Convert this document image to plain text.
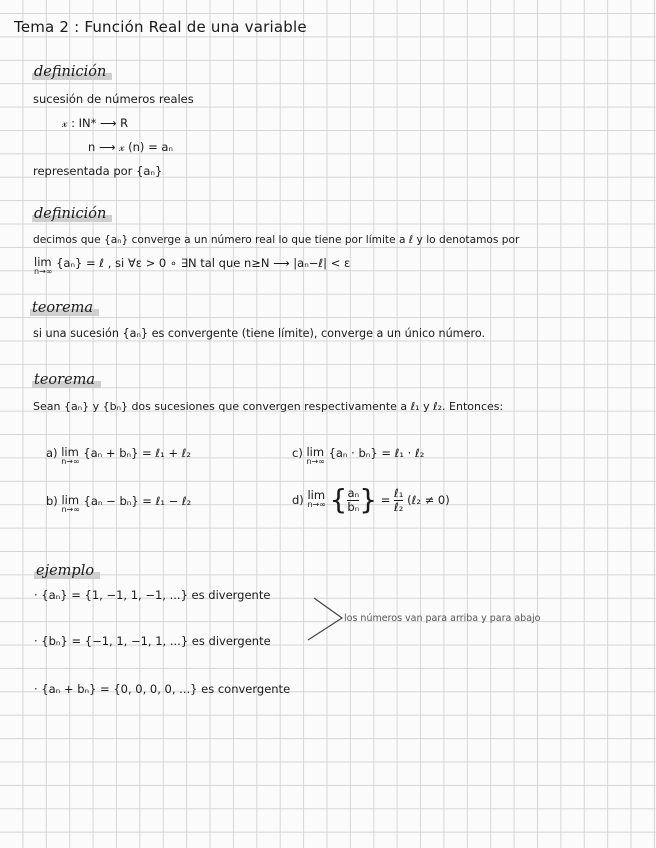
Tema 2 : Función Real de una variable
definición
sucesión de números reales
𝓍 : IN* ⟶ R
n ⟶ 𝓍 (n) = aₙ
representada por {aₙ}
definición
decimos que {aₙ} converge a un número real lo que tiene por límite a ℓ y lo denotamos por
lim
n→∞
{aₙ} = ℓ , si ∀ε > 0 ∘ ∃N tal que n≥N ⟶ |aₙ−ℓ| < ε
teorema
si una sucesión {aₙ} es convergente (tiene límite), converge a un único número.
teorema
Sean {aₙ} y {bₙ} dos sucesiones que convergen respectivamente a ℓ₁ y ℓ₂. Entonces:
a) lim
n→∞
{aₙ + bₙ} = ℓ₁ + ℓ₂
b) lim
n→∞
{aₙ − bₙ} = ℓ₁ − ℓ₂
c) lim
n→∞
{aₙ · bₙ} = ℓ₁ · ℓ₂
d) lim
n→∞ {$\frac{\text{aₙ}}{\text{bₙ}}$ } = $\frac{\text{ℓ₁}}{\text{ℓ₂}}$ (ℓ₂ ≠ 0)
ejemplo
· {aₙ} = {1, −1, 1, −1, ...} es divergente
· {bₙ} = {−1, 1, −1, 1, ...} es divergente
· {aₙ + bₙ} = {0, 0, 0, 0, ...} es convergente
los números van para arriba y para abajo
